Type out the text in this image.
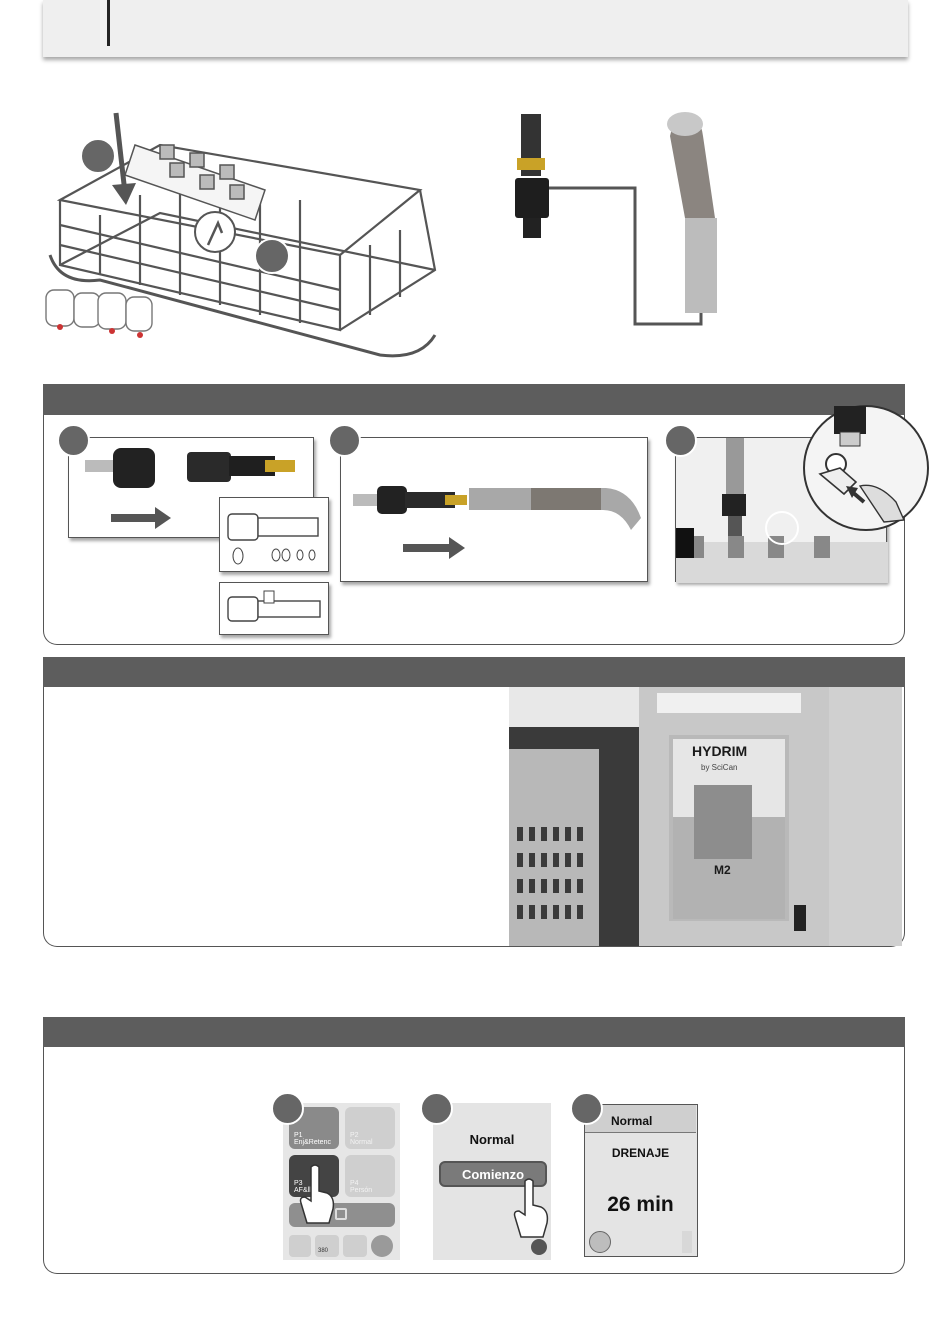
HYDRIM
by SciCan
M2
P1
Enj&Retenc
P2
Normal
P3
AF&ll
P4
Persón
380
Normal
Comienzo
Normal
DRENAJE
26 min
